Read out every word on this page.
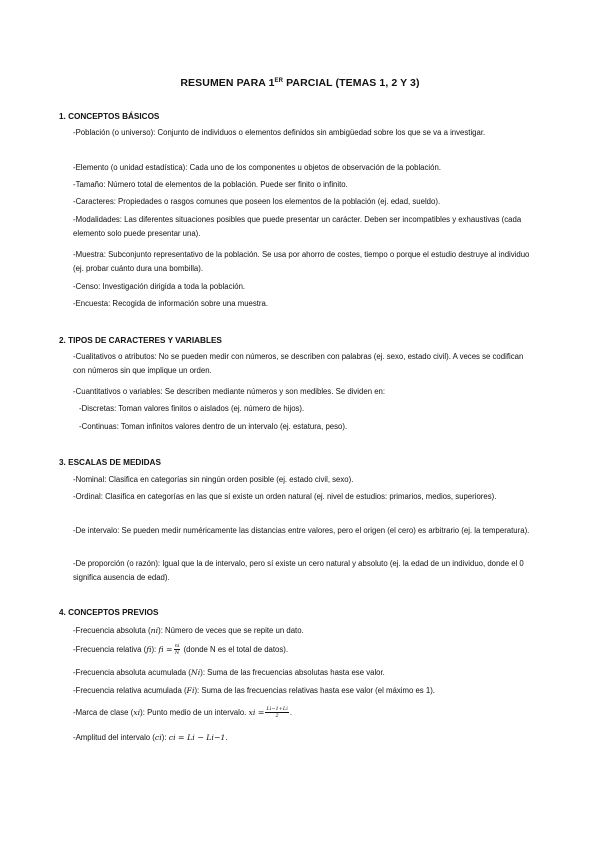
RESUMEN PARA 1ER PARCIAL (TEMAS 1, 2 Y 3)
1. CONCEPTOS BÁSICOS
-Población (o universo): Conjunto de individuos o elementos definidos sin ambigüedad sobre los que se va a investigar.
-Elemento (o unidad estadística): Cada uno de los componentes u objetos de observación de la población.
-Tamaño: Número total de elementos de la población. Puede ser finito o infinito.
-Caracteres: Propiedades o rasgos comunes que poseen los elementos de la población (ej. edad, sueldo).
-Modalidades: Las diferentes situaciones posibles que puede presentar un carácter. Deben ser incompatibles y exhaustivas (cada elemento solo puede presentar una).
-Muestra: Subconjunto representativo de la población. Se usa por ahorro de costes, tiempo o porque el estudio destruye al individuo (ej. probar cuánto dura una bombilla).
-Censo: Investigación dirigida a toda la población.
-Encuesta: Recogida de información sobre una muestra.
2. TIPOS DE CARACTERES Y VARIABLES
-Cualitativos o atributos: No se pueden medir con números, se describen con palabras (ej. sexo, estado civil). A veces se codifican con números sin que implique un orden.
-Cuantitativos o variables: Se describen mediante números y son medibles. Se dividen en:
-Discretas: Toman valores finitos o aislados (ej. número de hijos).
-Continuas: Toman infinitos valores dentro de un intervalo (ej. estatura, peso).
3. ESCALAS DE MEDIDAS
-Nominal: Clasifica en categorías sin ningún orden posible (ej. estado civil, sexo).
-Ordinal: Clasifica en categorías en las que sí existe un orden natural (ej. nivel de estudios: primarios, medios, superiores).
-De intervalo: Se pueden medir numéricamente las distancias entre valores, pero el origen (el cero) es arbitrario (ej. la temperatura).
-De proporción (o razón): Igual que la de intervalo, pero sí existe un cero natural y absoluto (ej. la edad de un individuo, donde el 0 significa ausencia de edad).
4. CONCEPTOS PREVIOS
-Frecuencia absoluta (ni): Número de veces que se repite un dato.
-Frecuencia relativa (fi): fi = $\frac{ni}{N}$ (donde N es el total de datos).
-Frecuencia absoluta acumulada (Ni): Suma de las frecuencias absolutas hasta ese valor.
-Frecuencia relativa acumulada (Fi): Suma de las frecuencias relativas hasta ese valor (el máximo es 1).
-Marca de clase (xi): Punto medio de un intervalo. xi = $\frac{Li-1+Li}{2}$ .
-Amplitud del intervalo (ci): ci = Li − Li−1.
